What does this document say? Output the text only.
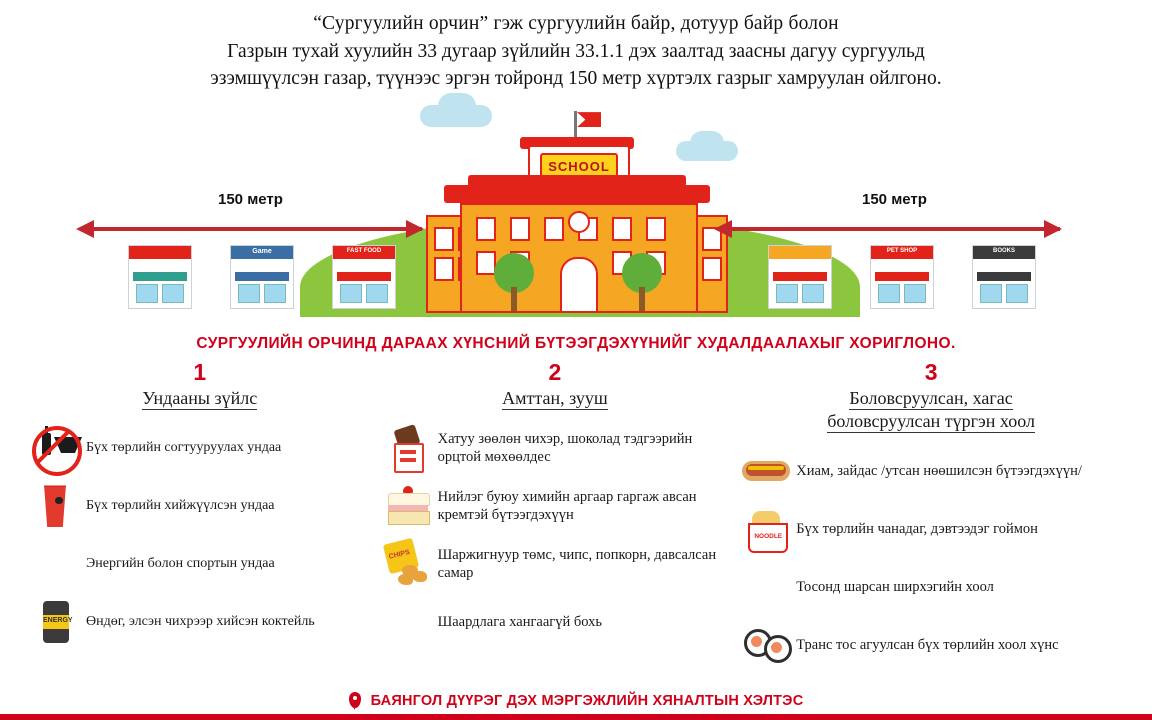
“Сургуулийн орчин” гэж сургуулийн байр, дотуур байр болон
Газрын тухай хуулийн 33 дугаар зүйлийн 33.1.1 дэх заалтад заасны дагуу сургуульд
эзэмшүүлсэн газар, түүнээс эргэн тойронд 150 метр хүртэлх газрыг хамруулан ойлгоно.
SCHOOL
150 метр	150 метр
Game	FAST FOOD	PET SHOP	BOOKS
СУРГУУЛИЙН ОРЧИНД ДАРААХ ХҮНСНИЙ БҮТЭЭГДЭХҮҮНИЙГ ХУДАЛДААЛАХЫГ ХОРИГЛОНО.
1
Ундааны зүйлс
Бүх төрлийн согтууруулах ундаа
Бүх төрлийн хийжүүлсэн ундаа
Энергийн болон спортын ундаа
ENERGY Өндөг, элсэн чихрээр хийсэн коктейль
2
Амттан, зууш
Хатуу зөөлөн чихэр, шоколад тэдгээрийн орцтой мөхөөлдес
Нийлэг буюу химийн аргаар гаргаж авсан кремтэй бүтээгдэхүүн
CHIPS
Шаржигнуур төмс, чипс, попкорн, давсалсан самар
Шаардлага хангаагүй бохь
3
Боловсруулсан, хагас
боловсруулсан түргэн хоол
Хиам, зайдас /утсан нөөшилсэн бүтээгдэхүүн/
NOODLE
Бүх төрлийн чанадаг, дэвтээдэг гоймон
Тосонд шарсан ширхэгийн хоол
Транс тос агуулсан бүх төрлийн хоол хүнс
БАЯНГОЛ ДҮҮРЭГ ДЭХ МЭРГЭЖЛИЙН ХЯНАЛТЫН ХЭЛТЭС
